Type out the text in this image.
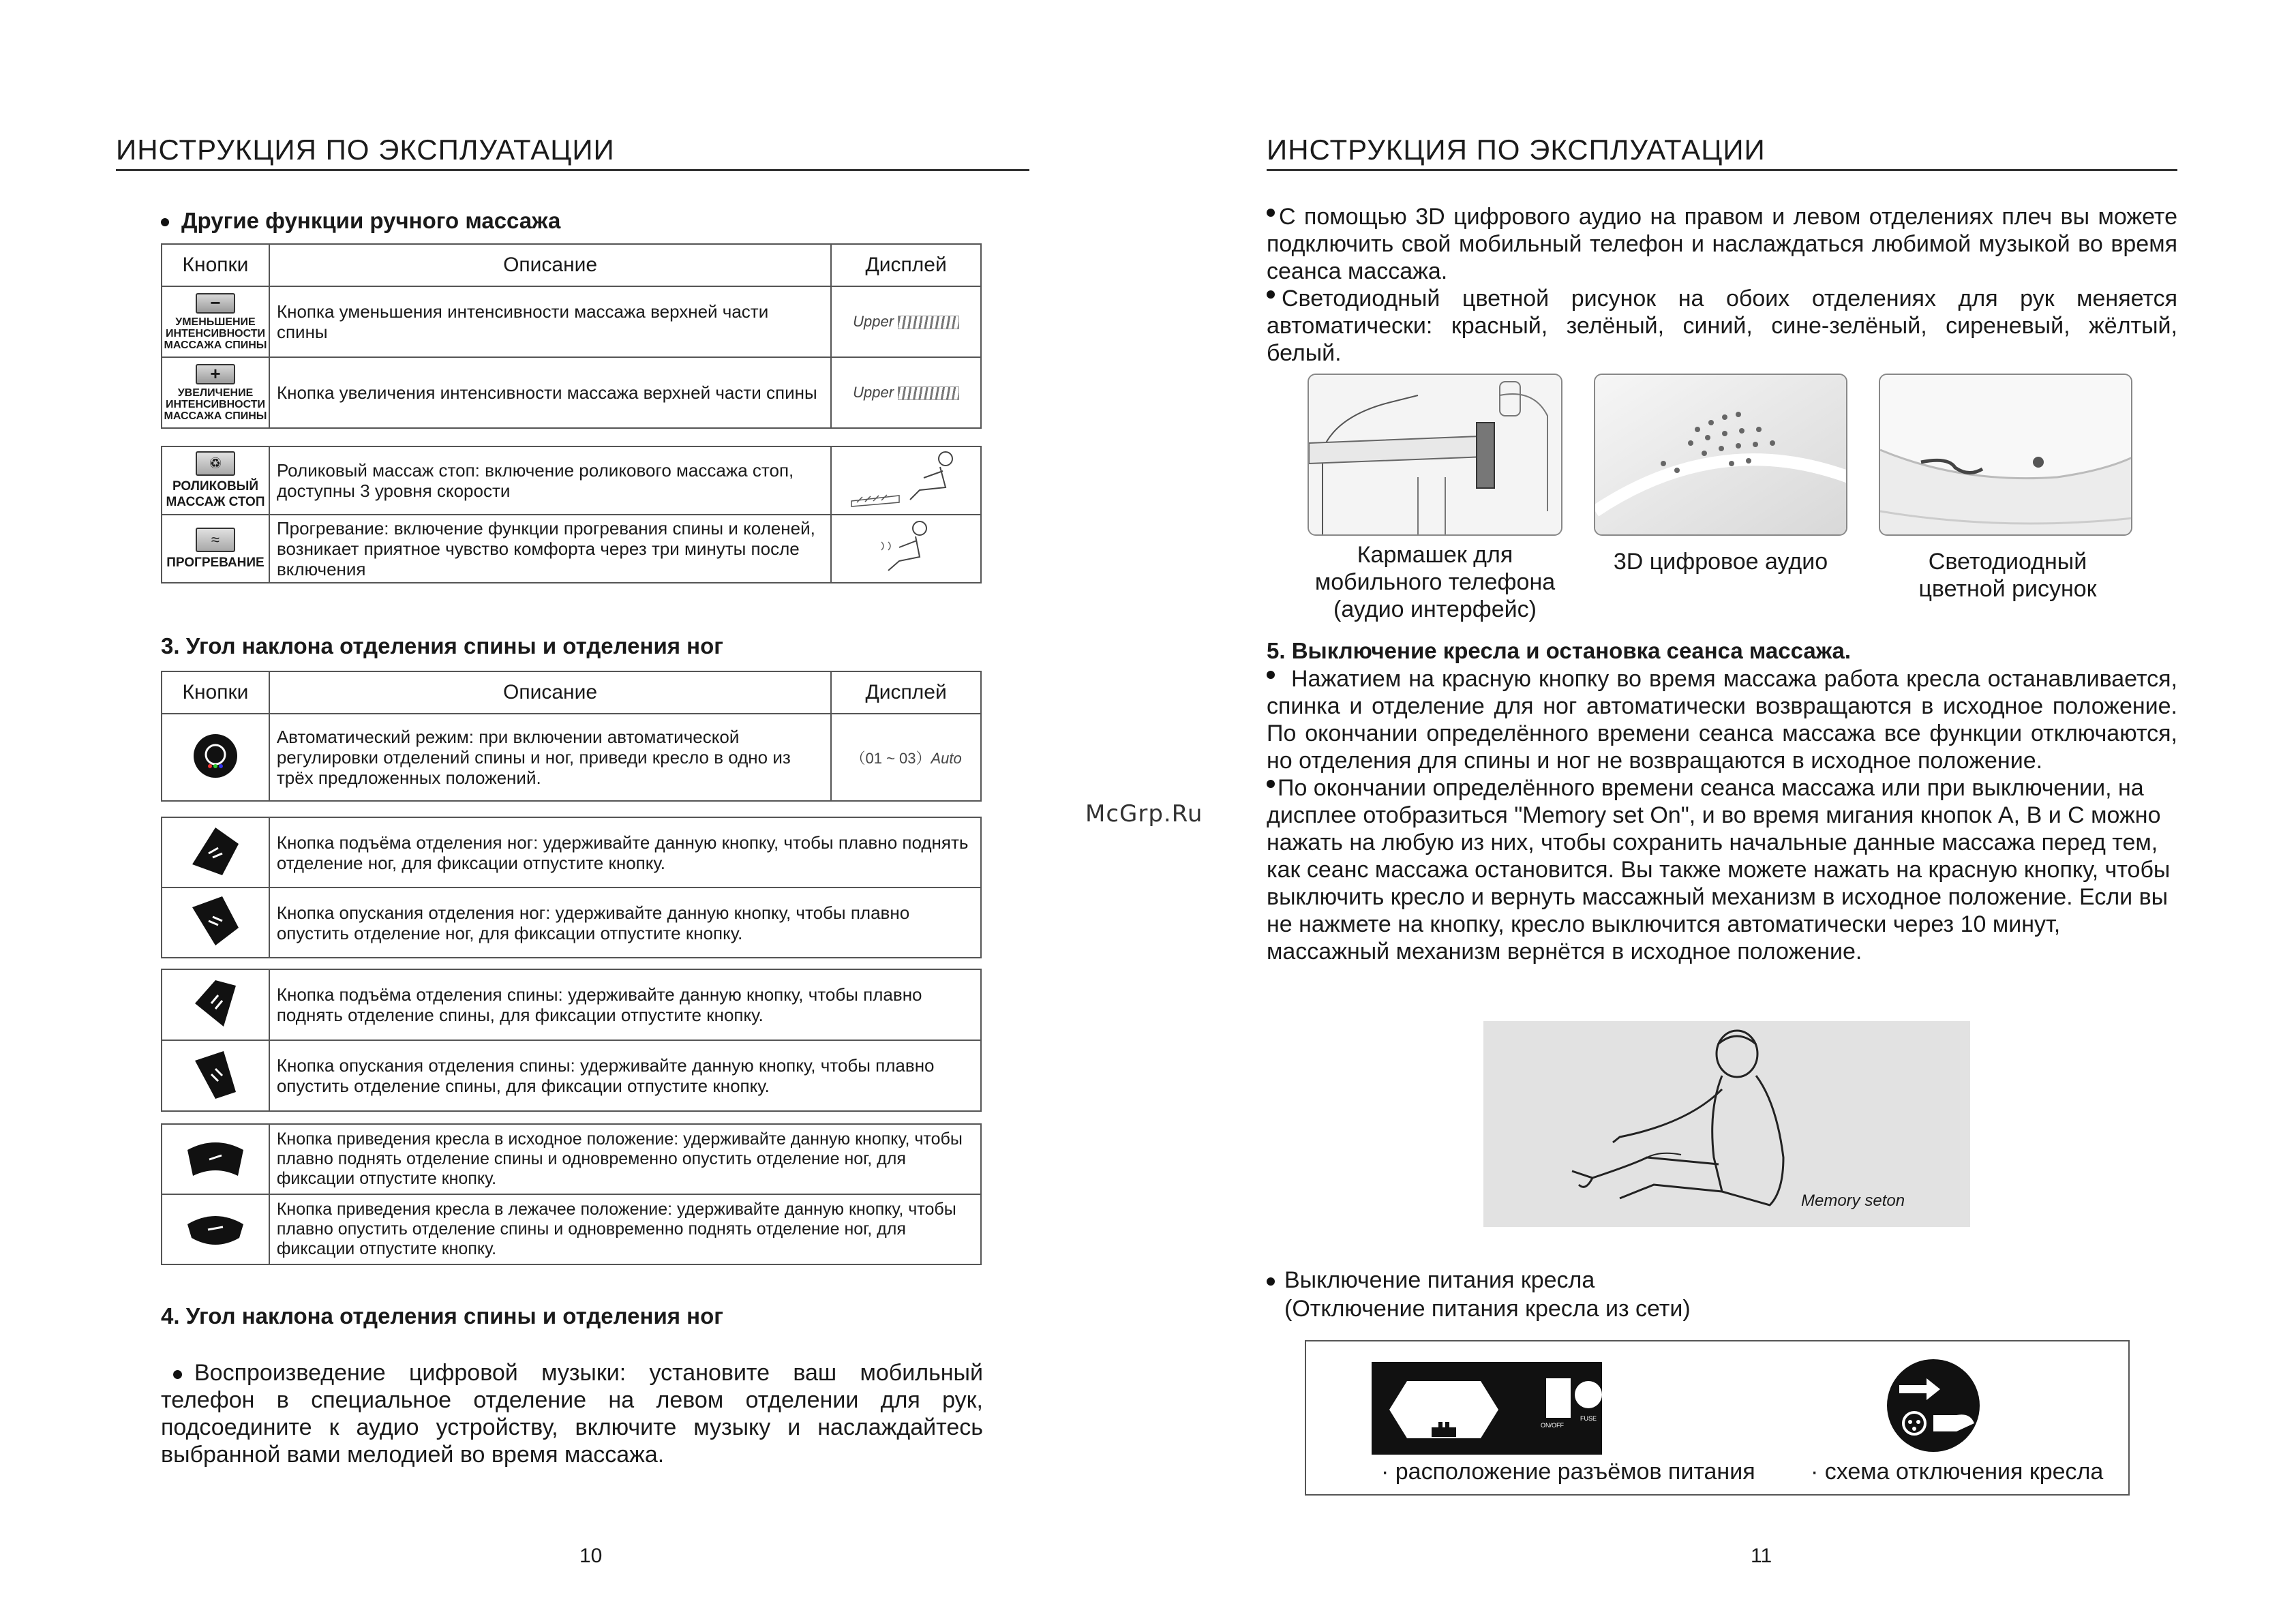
ИНСТРУКЦИЯ ПО ЭКСПЛУАТАЦИИ
Другие функции ручного массажа
Кнопки	Описание	Дисплей
−
УМЕНЬШЕНИЕ ИНТЕНСИВНОСТИ МАССАЖА СПИНЫ	Кнопка уменьшения интенсивности массажа верхней части спины	Upper
+
УВЕЛИЧЕНИЕ ИНТЕНСИВНОСТИ МАССАЖА СПИНЫ	Кнопка увеличения интенсивности массажа верхней части спины	Upper
♽
РОЛИКОВЫЙ МАССАЖ СТОП	Роликовый массаж стоп: включение роликового массажа стоп, доступны 3 уровня скорости	
≈
ПРОГРЕВАНИЕ	Прогревание: включение функции прогревания спины и коленей, возникает приятное чувство комфорта через три минуты после включения	
3. Угол наклона отделения спины и отделения ног
Кнопки	Описание	Дисплей
	Автоматический режим: при включении автоматической регулировки отделений спины и ног, приведи кресло в одно из трёх предложенных положений.	（01 ~ 03）Auto
	Кнопка подъёма отделения ног: удерживайте данную кнопку, чтобы плавно поднять отделение ног, для фиксации отпустите кнопку.
	Кнопка опускания отделения ног: удерживайте данную кнопку, чтобы плавно опустить отделение ног, для фиксации отпустите кнопку.
	Кнопка подъёма отделения спины: удерживайте данную кнопку, чтобы плавно поднять отделение спины, для фиксации отпустите кнопку.
	Кнопка опускания отделения спины: удерживайте данную кнопку, чтобы плавно опустить отделение спины, для фиксации отпустите кнопку.
	Кнопка приведения кресла в исходное положение: удерживайте данную кнопку, чтобы плавно поднять отделение спины и одновременно опустить отделение ног, для фиксации отпустите кнопку.
	Кнопка приведения кресла в лежачее положение: удерживайте данную кнопку, чтобы плавно опустить отделение спины и одновременно поднять отделение ног, для фиксации отпустите кнопку.
4. Угол наклона отделения спины и отделения ног

Воспроизведение цифровой музыки: установите ваш мобильный телефон в специальное отделение на левом отделении для рук, подсоедините к аудио устройству, включите музыку и наслаждайтесь выбранной вами мелодией во время массажа.

10
McGrp.Ru
ИНСТРУКЦИЯ ПО ЭКСПЛУАТАЦИИ

С помощью 3D цифрового аудио на правом и левом отделениях плеч вы можете подключить свой мобильный телефон и наслаждаться любимой музыкой во время сеанса массажа.

Светодиодный цветной рисунок на обоих отделениях для рук меняется автоматически: красный, зелёный, синий, сине-зелёный, сиреневый, жёлтый, белый.

Кармашек для мобильного телефона (аудио интерфейс)
3D цифровое аудио	Светодиодный цветной рисунок
5. Выключение кресла и остановка сеанса массажа.

Нажатием на красную кнопку во время массажа работа кресла останавливается, спинка и отделение для ног автоматически возвращаются в исходное положение. По окончании определённого времени сеанса массажа все функции отключаются, но отделения для спины и ног не возвращаются в исходное положение.

По окончании определённого времени сеанса массажа или при выключении, на дисплее отобразиться "Memory set On", и во время мигания кнопок A, B и C можно нажать на любую из них, чтобы сохранить начальные данные массажа перед тем, как сеанс массажа остановится. Вы также можете нажать на красную кнопку, чтобы выключить кресло и вернуть массажный механизм в исходное положение. Если вы не нажмете на кнопку, кресло выключится автоматически через 10 минут, массажный механизм вернётся в исходное положение.

Memory seton
Выключение питания кресла
(Отключение питания кресла из сети)
ON/OFF
FUSE
· расположение разъёмов питания · схема отключения кресла
11
